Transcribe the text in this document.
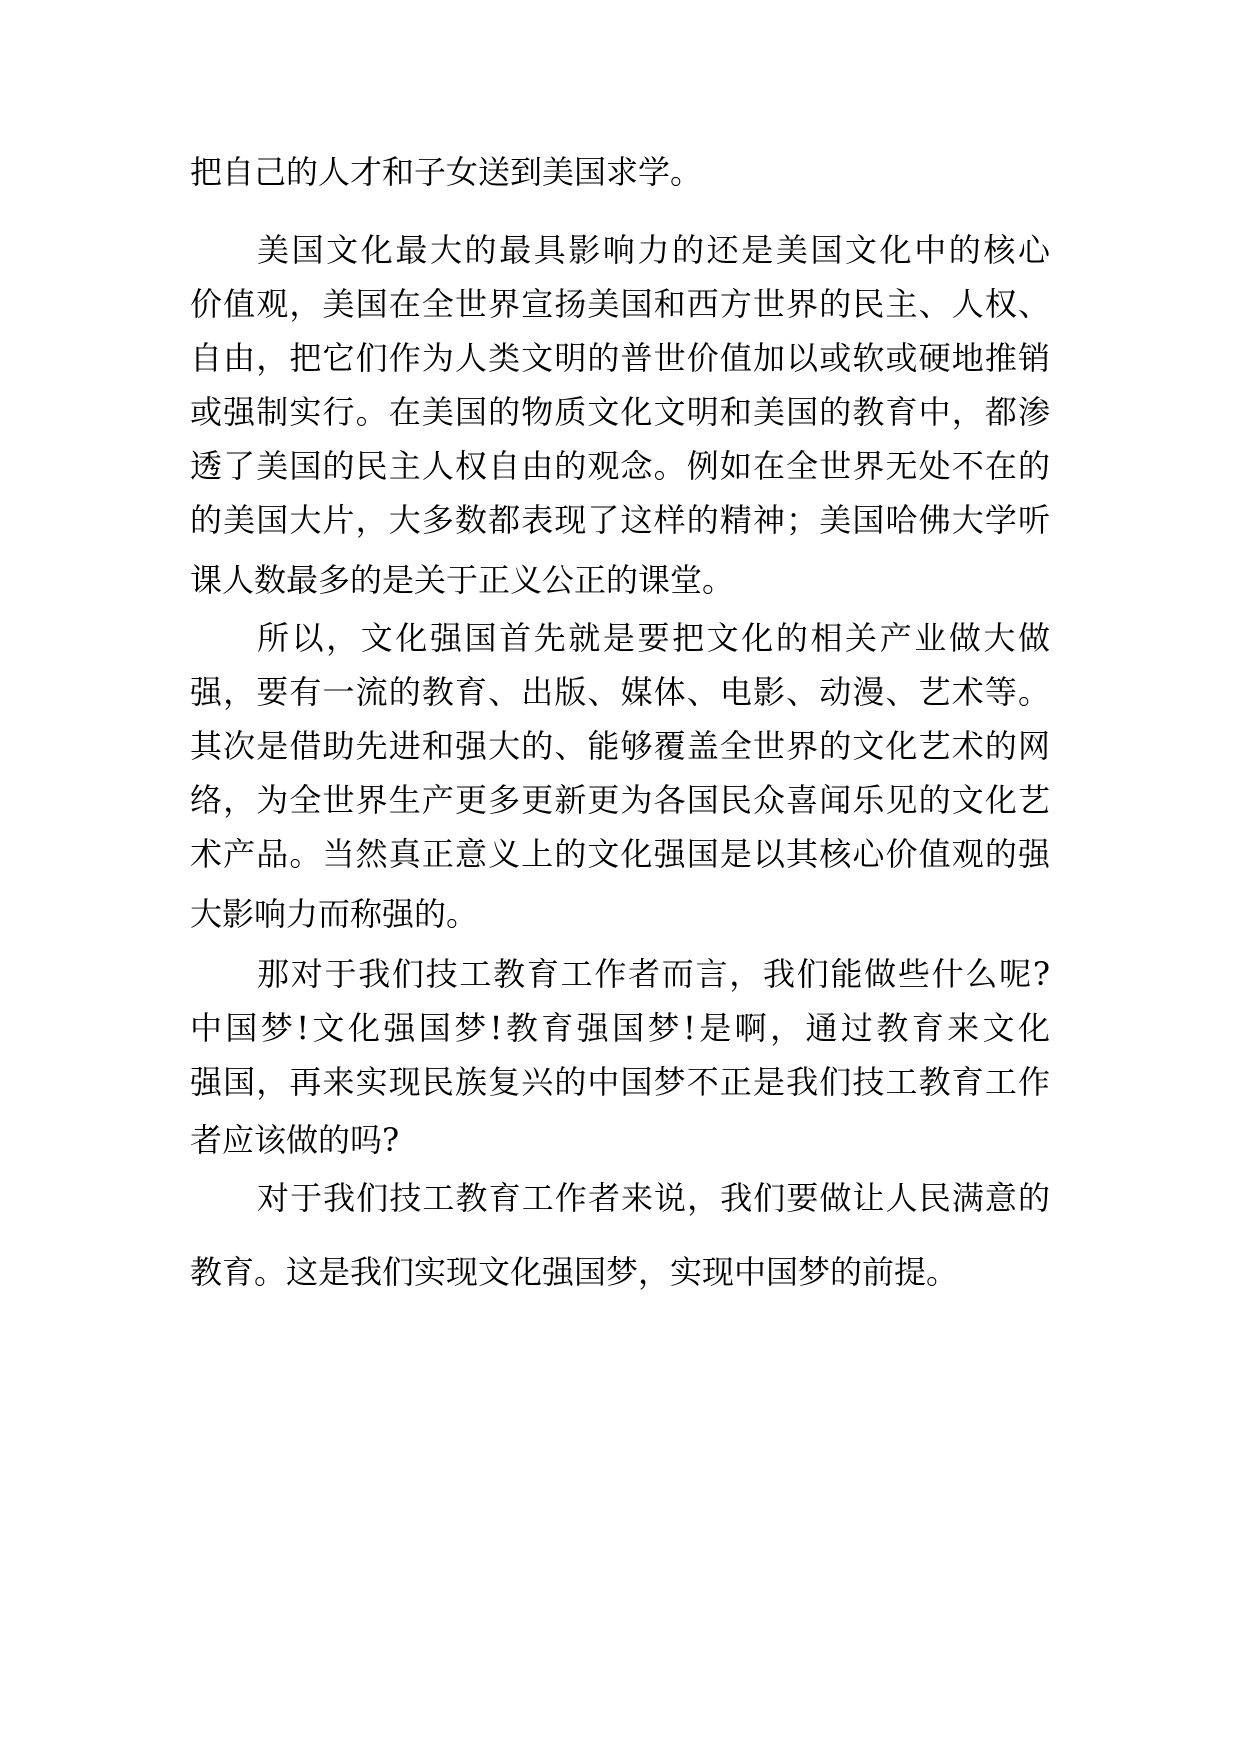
把自己的人才和子女送到美国求学。
美国文化最大的最具影响力的还是美国文化中的核心
价值观，美国在全世界宣扬美国和西方世界的民主、人权、
自由，把它们作为人类文明的普世价值加以或软或硬地推销
或强制实行。在美国的物质文化文明和美国的教育中，都渗
透了美国的民主人权自由的观念。例如在全世界无处不在的
的美国大片，大多数都表现了这样的精神；美国哈佛大学听
课人数最多的是关于正义公正的课堂。
所以，文化强国首先就是要把文化的相关产业做大做
强，要有一流的教育、出版、媒体、电影、动漫、艺术等。
其次是借助先进和强大的、能够覆盖全世界的文化艺术的网
络，为全世界生产更多更新更为各国民众喜闻乐见的文化艺
术产品。当然真正意义上的文化强国是以其核心价值观的强
大影响力而称强的。
那对于我们技工教育工作者而言，我们能做些什么呢?
中国梦!文化强国梦!教育强国梦!是啊，通过教育来文化
强国，再来实现民族复兴的中国梦不正是我们技工教育工作
者应该做的吗?
对于我们技工教育工作者来说，我们要做让人民满意的
教育。这是我们实现文化强国梦，实现中国梦的前提。
